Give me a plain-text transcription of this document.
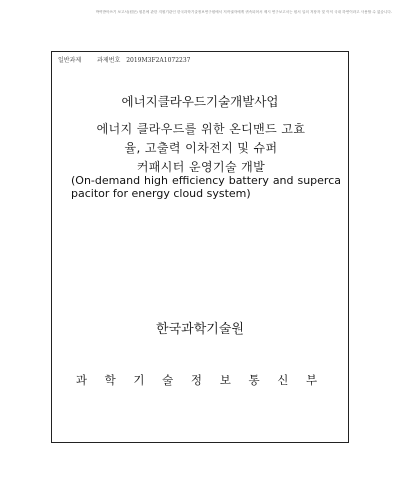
박여받아쓰기 보고서(원문) 원본에 관한 지원기관인 한국과학기술정보연구원에서 저작권자에게 귀속되어서 제시 연구보고서는 원서 입의 저장자 및 이익 국내 하연이라고 사용할 수 없습니다.
일반과제	과제번호 2019M3F2A1072237
에너지클라우드기술개발사업
에너지 클라우드를 위한 온디맨드 고효
율, 고출력 이차전지 및 슈퍼
커패시터 운영기술 개발
(On-demand high efficiency battery and supercapacitor for energy cloud system)
한국과학기술원
과 학 기 술 정 보 통 신 부
